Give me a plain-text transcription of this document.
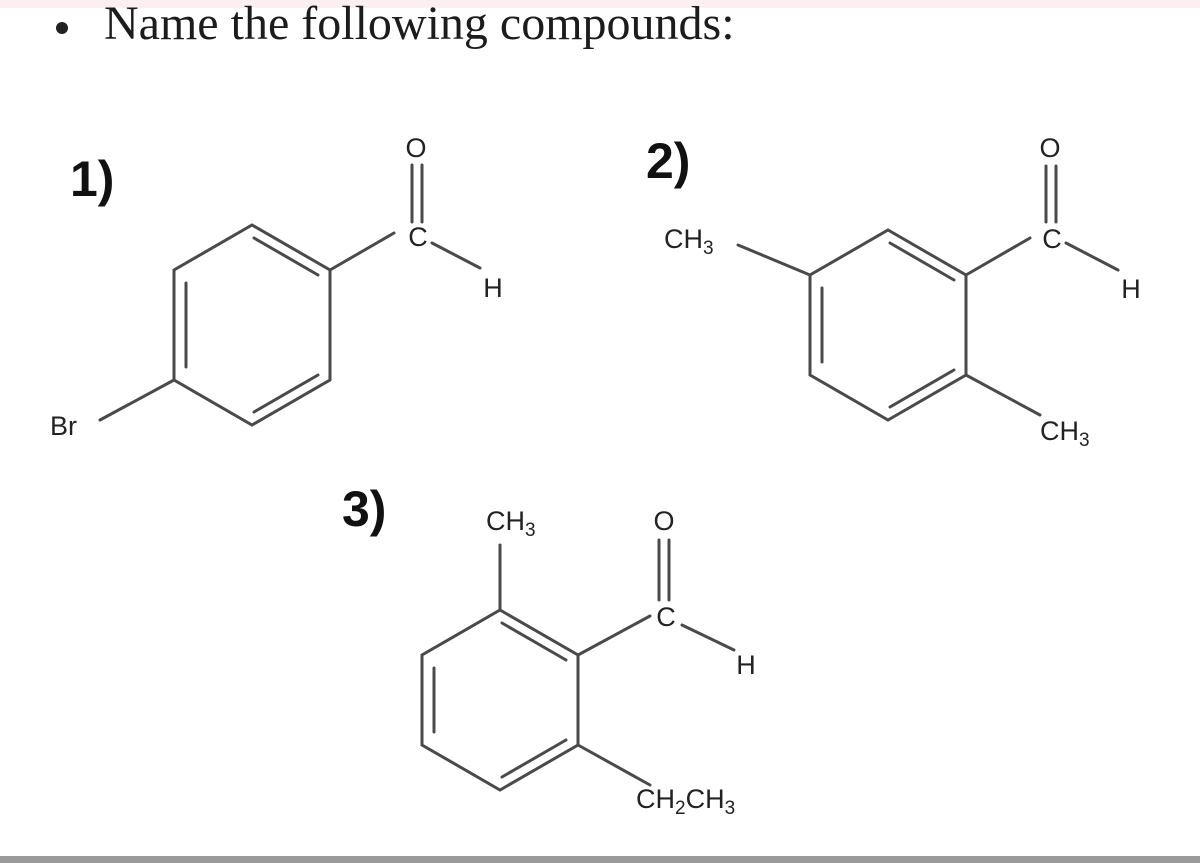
Name the following compounds:
1)	2)
3)
O
C
H
Br
O
C
H
$CH_3$
$CH_3$
O
C
H
$CH_3$
$CH_2CH_3$
